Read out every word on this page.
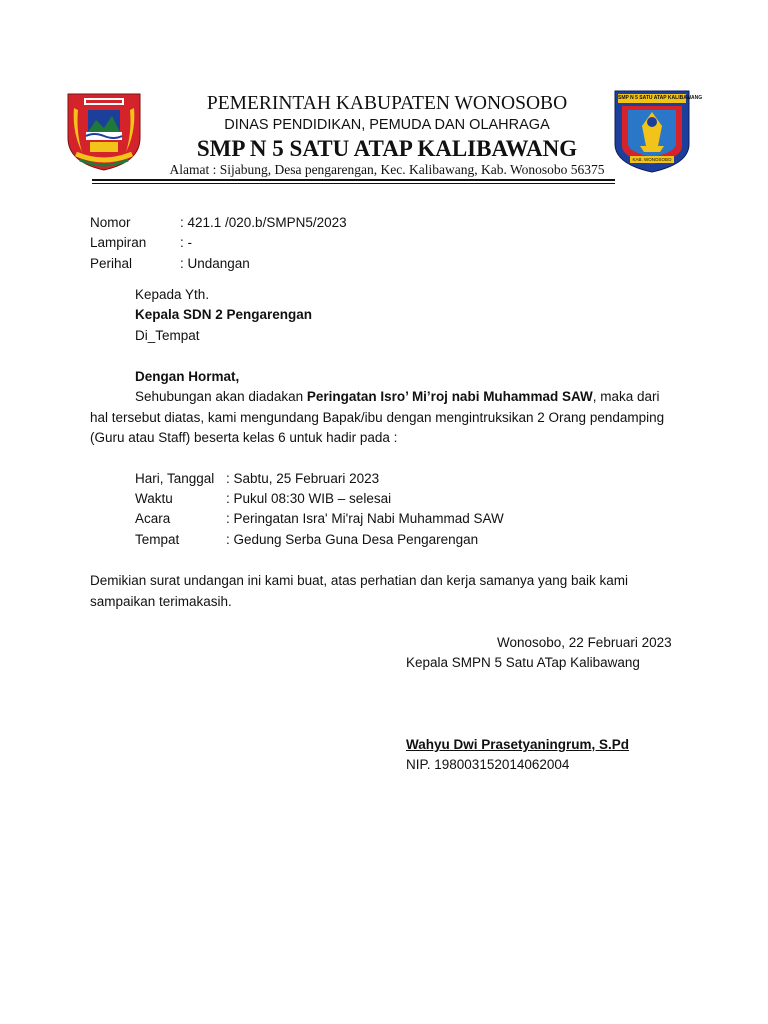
SMP N 5 SATU ATAP KALIBAWANG
KAB. WONOSOBO
PEMERINTAH KABUPATEN WONOSOBO
DINAS PENDIDIKAN, PEMUDA DAN OLAHRAGA
SMP N 5 SATU ATAP KALIBAWANG
Alamat : Sijabung, Desa pengarengan, Kec. Kalibawang, Kab. Wonosobo 56375
Nomor	: 421.1 /020.b/SMPN5/2023
Lampiran : -
Perihal	: Undangan
Kepada Yth.
Kepala SDN 2 Pengarengan
Di_Tempat
Dengan Hormat,
Sehubungan akan diadakan Peringatan Isro’ Mi’roj nabi Muhammad SAW, maka dari hal tersebut diatas, kami mengundang Bapak/ibu dengan mengintruksikan 2 Orang pendamping (Guru atau Staff) beserta kelas 6 untuk hadir pada :
Hari, Tanggal : Sabtu, 25 Februari 2023
Waktu	: Pukul 08:30 WIB – selesai
Acara	: Peringatan Isra' Mi'raj Nabi Muhammad SAW
Tempat	: Gedung Serba Guna Desa Pengarengan
Demikian surat undangan ini kami buat, atas perhatian dan kerja samanya yang baik kami sampaikan terimakasih.
Wonosobo, 22 Februari 2023
Kepala SMPN 5 Satu ATap Kalibawang
Wahyu Dwi Prasetyaningrum, S.Pd
NIP. 198003152014062004
